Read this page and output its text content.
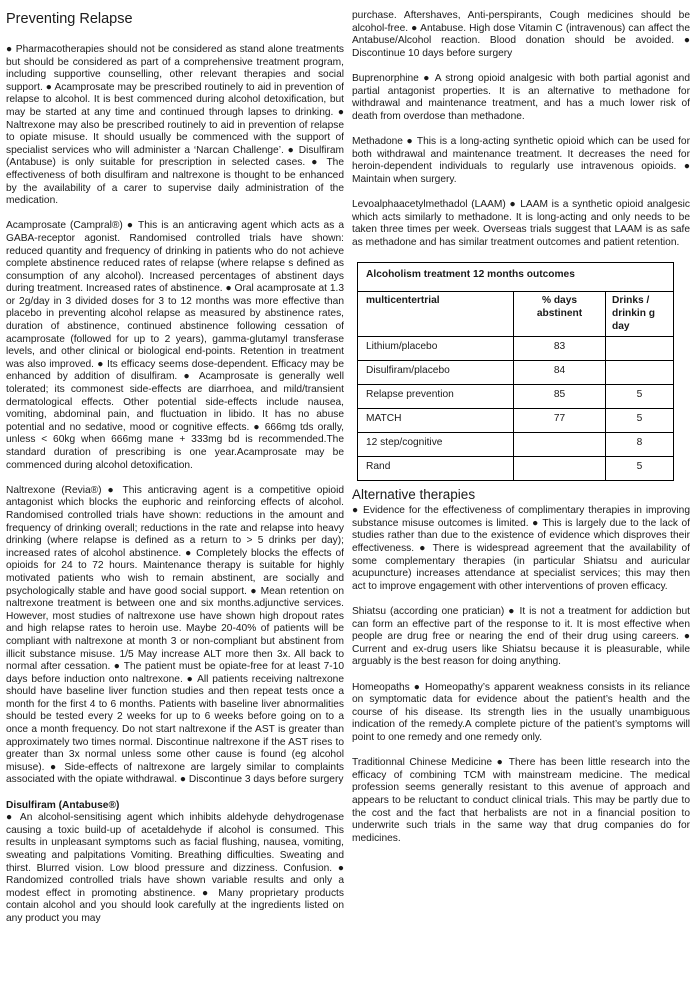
Preventing Relapse

● Pharmacotherapies should not be considered as stand alone treatments but should be considered as part of a comprehensive treatment program, including supportive counselling, other relevant therapies and social support. ● Acamprosate may be prescribed routinely to aid in prevention of relapse to alcohol. It is best commenced during alcohol detoxification, but may be started at any time and continued through lapses to drinking. ● Naltrexone may also be prescribed routinely to aid in prevention of relapse to opiate misuse. It should usually be commenced with the support of specialist services who will administer a ‘Narcan Challenge’. ● Disulfiram (Antabuse) is only suitable for prescription in selected cases. ● The effectiveness of both disulfiram and naltrexone is thought to be enhanced by the availability of a carer to supervise daily administration of the medication.

Acamprosate (Campral®) ● This is an anticraving agent which acts as a GABA-receptor agonist. Randomised controlled trials have shown: reduced quantity and frequency of drinking in patients who do not achieve complete abstinence reduced rates of relapse (where relapse s defined as consumption of any alcohol). Increased percentages of abstinent days during treatment. Increased rates of abstinence. ● Oral acamprosate at 1.3 or 2g/day in 3 divided doses for 3 to 12 months was more effective than placebo in preventing alcohol relapse as measured by abstinence rates, duration of abstinence, continued abstinence following cessation of acamprosate (followed for up to 2 years), gamma-glutamyl transferase levels, and other clinical or biological end-points. Retention in treatment was also improved. ● Its efficacy seems dose-dependent. Efficacy may be enhanced by addition of disulfiram. ● Acamprosate is generally well tolerated; its commonest side-effects are diarrhoea, and mild/transient dermatological effects. Other potential side-effects include nausea, vomiting, abdominal pain, and fluctuation in libido. It has no abuse potential and no sedative, mood or cognitive effects. ● 666mg tds orally, unless < 60kg when 666mg mane + 333mg bd is recommended.The standard duration of prescribing is one year.Acamprosate may be commenced during alcohol detoxification.

Naltrexone (Revia®) ● This anticraving agent is a competitive opioid antagonist which blocks the euphoric and reinforcing effects of alcohol. Randomised controlled trials have shown: reductions in the amount and frequency of drinking overall; reductions in the rate and relapse into heavy drinking (where relapse is defined as a return to > 5 drinks per day); increased rates of alcohol abstinence. ● Completely blocks the effects of opioids for 24 to 72 hours. Maintenance therapy is suitable for highly motivated patients who wish to remain abstinent, are socially and psychologically stable and have good social support. ● Mean retention on naltrexone treatment is between one and six months.adjunctive services. However, most studies of naltrexone use have shown high dropout rates and high relapse rates to heroin use. Maybe 20-40% of patients will be compliant with naltrexone at month 3 or non-compliant but abstinent from illicit substance misuse. 1/5 May increase ALT more then 3x. All back to normal after cessation. ● The patient must be opiate-free for at least 7-10 days before induction onto naltrexone. ● All patients receiving naltrexone should have baseline liver function studies and then repeat tests once a month for the first 4 to 6 months. Patients with baseline liver abnormalities should be tested every 2 weeks for up to 6 weeks before going on to a once a month frequency. Do not start naltrexone if the AST is greater than approximately two times normal. Discontinue naltrexone if the AST rises to greater than 3x normal unless some other cause is found (eg alcohol misuse). ● Side-effects of naltrexone are largely similar to complaints associated with the opiate withdrawal. ● Discontinue 3 days before surgery

Disulfiram (Antabuse®)

● An alcohol-sensitising agent which inhibits aldehyde dehydrogenase causing a toxic build-up of acetaldehyde if alcohol is consumed. This results in unpleasant symptoms such as facial flushing, nausea, vomiting, sweating and palpitations Vomiting. Breathing difficulties. Sweating and thirst. Blurred vision. Low blood pressure and dizziness. Confusion. ● Randomized controlled trials have shown variable results and only a modest effect in promoting abstinence. ● Many proprietary products contain alcohol and you should look carefully at the ingredients listed on any product you may

purchase. Aftershaves, Anti-perspirants, Cough medicines should be alcohol-free. ● Antabuse. High dose Vitamin C (intravenous) can affect the Antabuse/Alcohol reaction. Blood donation should be avoided. ● Discontinue 10 days before surgery

Buprenorphine ● A strong opioid analgesic with both partial agonist and partial antagonist properties. It is an alternative to methadone for withdrawal and maintenance treatment, and has a much lower risk of death from overdose than methadone.

Methadone ● This is a long-acting synthetic opioid which can be used for both withdrawal and maintenance treatment. It decreases the need for heroin-dependent individuals to regularly use intravenous opioids. ● Maintain when surgery.

Levoalphaacetylmethadol (LAAM) ● LAAM is a synthetic opioid analgesic which acts similarly to methadone. It is long-acting and only needs to be taken three times per week. Overseas trials suggest that LAAM is as safe as methadone and has similar treatment outcomes and patient retention.

Alcoholism treatment 12 months outcomes		
multicentertrial	% days abstinent	Drinks / drinkin g day
Lithium/placebo	83	
Disulfiram/placebo	84	
Relapse prevention	85	5
MATCH	77	5
12 step/cognitive		8
Rand		5
Alternative therapies

● Evidence for the effectiveness of complimentary therapies in improving substance misuse outcomes is limited. ● This is largely due to the lack of studies rather than due to the existence of evidence which disproves their effectiveness. ● There is widespread agreement that the availability of some complementary therapies (in particular Shiatsu and auricular acupuncture) increases attendance at specialist services; this may then act to improve engagement with other interventions of proven efficacy.

Shiatsu (according one pratician) ● It is not a treatment for addiction but can form an effective part of the response to it. It is most effective when people are drug free or nearing the end of their drug using careers. ● Current and ex-drug users like Shiatsu because it is pleasurable, while arguably is the best reason for doing anything.

Homeopaths ● Homeopathy’s apparent weakness consists in its reliance on symptomatic data for evidence about the patient’s health and the course of his disease. Its strength lies in the usually unambiguous indication of the remedy.A complete picture of the patient’s symptoms will point to one remedy and one remedy only.

Traditionnal Chinese Medicine ● There has been little research into the efficacy of combining TCM with mainstream medicine. The medical profession seems generally resistant to this avenue of approach and appears to be reluctant to conduct clinical trials. This may be partly due to the cost and the fact that herbalists are not in a financial position to underwrite such trials in the same way that drug companies do for medicines.
